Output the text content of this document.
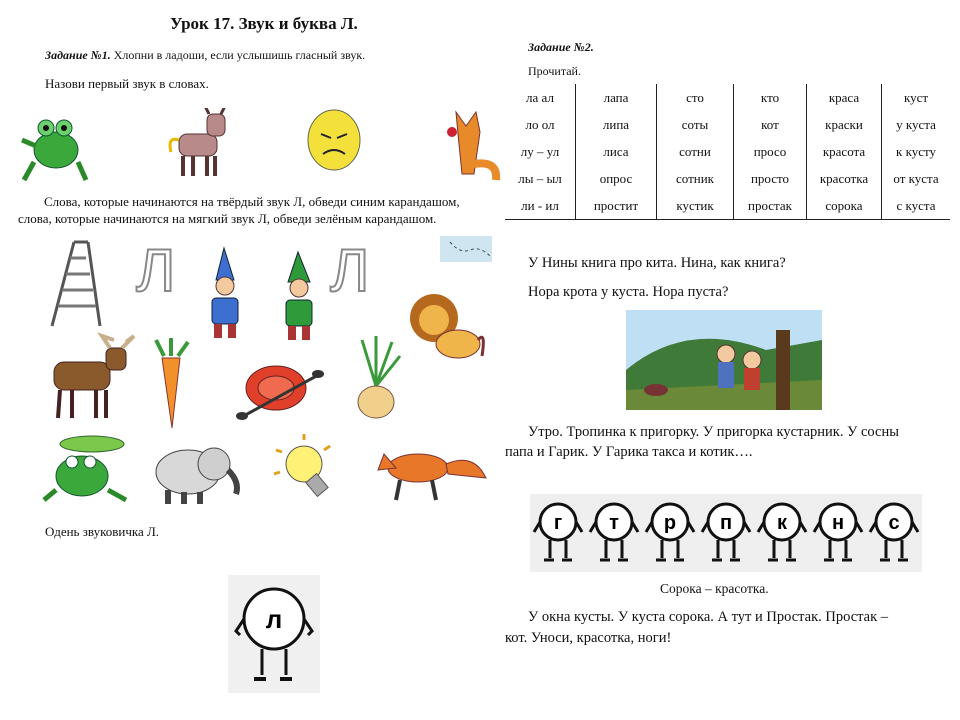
Урок 17. Звук и буква Л.
Задание №1. Хлопни в ладоши, если услышишь гласный звук.
Назови первый звук в словах.
Слова, которые начинаются на твёрдый звук Л, обведи синим карандашом,
слова, которые начинаются на мягкий звук Л, обведи зелёным карандашом.
Л	Л
Одень звуковичка Л.
л
Задание №2.
Прочитай.
ла ал	лапа	сто	кто	краса	куст
ло ол	липа	соты	кот	краски	у куста
лу – ул	лиса	сотни	просо	красота	к кусту
лы – ыл	опрос	сотник	просто	красотка	от куста
ли - ил	простит	кустик	простак	сорока	с куста
У Нины книга про кита. Нина, как книга?
Нора крота у куста. Нора пуста?
Утро. Тропинка к пригорку. У пригорка кустарник. У сосны
папа и Гарик. У Гарика такса и котик….
г т р п к н с
Сорока – красотка.
У окна кусты. У куста сорока. А тут и Простак. Простак –
кот. Уноси, красотка, ноги!
